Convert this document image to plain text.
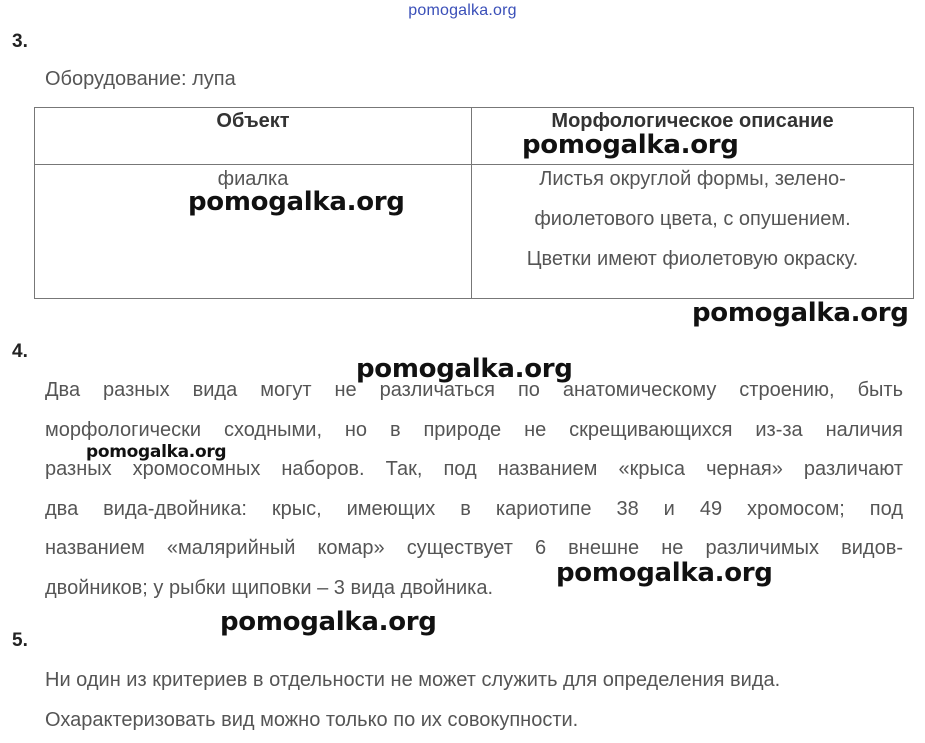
pomogalka.org
3.
Оборудование: лупа
Объект	Морфологическое описание

фиалка	Листья округлой формы, зелено-
фиолетового цвета, с опушением.
Цветки имеют фиолетовую окраску.
4.
Два разных вида могут не различаться по анатомическому строению, быть
морфологически сходными, но в природе не скрещивающихся из-за наличия
разных хромосомных наборов. Так, под названием «крыса черная» различают
два вида-двойника: крыс, имеющих в кариотипе 38 и 49 хромосом; под
названием «малярийный комар» существует 6 внешне не различимых видов-
двойников; у рыбки щиповки – 3 вида двойника.
5.
Ни один из критериев в отдельности не может служить для определения вида.
Охарактеризовать вид можно только по их совокупности.
pomogalka.org
pomogalka.org
pomogalka.org
pomogalka.org
pomogalka.org
pomogalka.org
pomogalka.org
